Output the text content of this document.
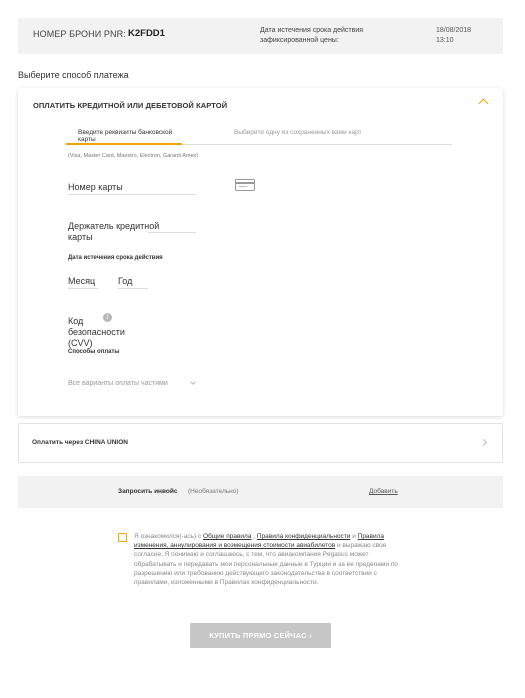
НОМЕР БРОНИ PNR: K2FDD1	Дата истечения срока действия
зафиксированной цены:
18/08/2018
13:10
Выберите способ платежа
ОПЛАТИТЬ КРЕДИТНОЙ ИЛИ ДЕБЕТОВОЙ КАРТОЙ
Введите реквизиты банковской карты
Выберите одну из сохраненных вами карт
(Visa, Master Card, Maestro, Electron, Garanti Amex)
Номер карты
Держатель кредитной
карты
Дата истечения срока действия
Месяц	Год
Код
безопасности
(CVV)
i
Способы оплаты
Все варианты оплаты частями
Оплатить через CHINA UNION
Запросить инвойс (Необязательно)	Добавить
Я ознакомился(-ась) с Общие правила , Правила конфиденциальности и Правила изменения, аннулирования и возмещения стоимости авиабилетов и выражаю свое согласие. Я понимаю и соглашаюсь, с тем, что авиакомпания Pegasus может обрабатывать и передавать мои персональные данные в Турции и за ее пределами по разрешению или требованию действующего законодательства в соответствии с правилами, изложенными в Правилах конфиденциальности.
КУПИТЬ ПРЯМО СЕЙЧАС ›
